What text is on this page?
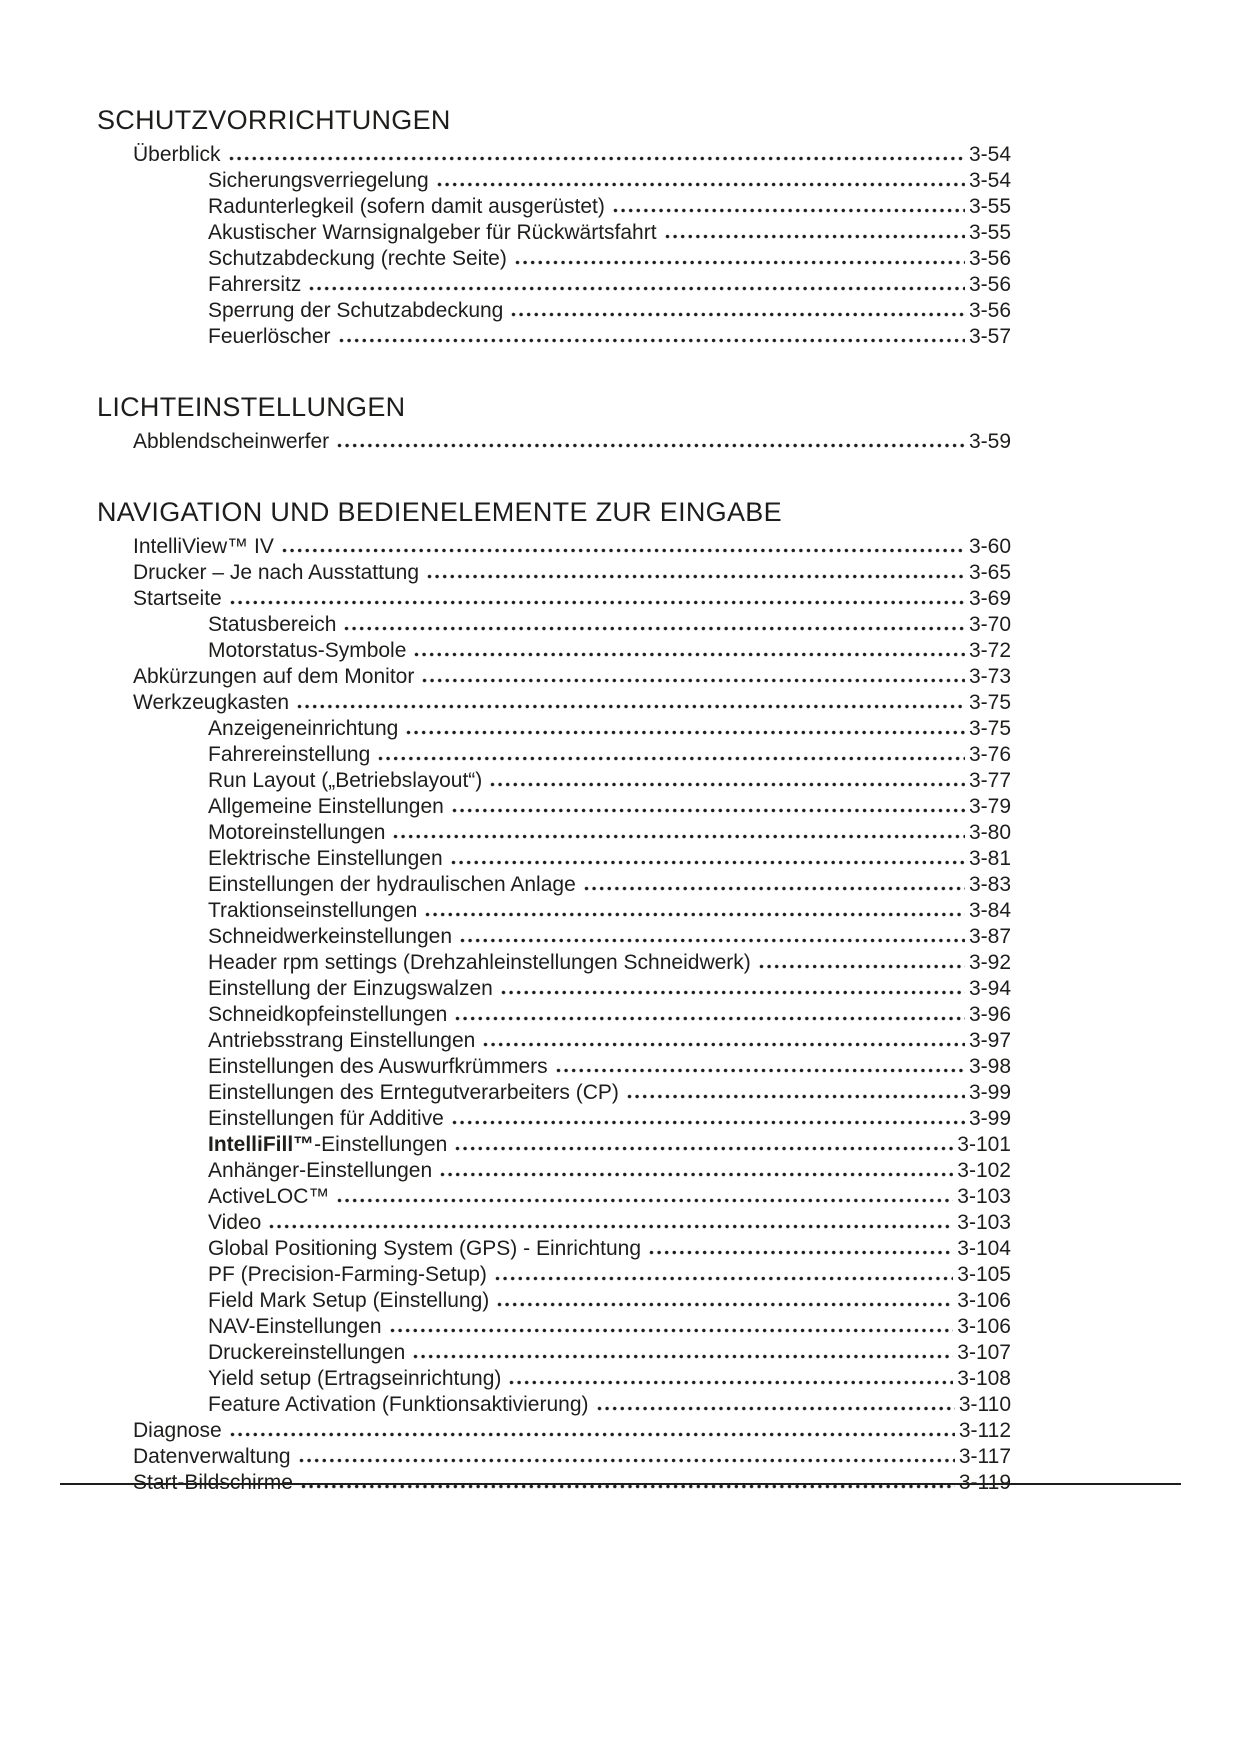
SCHUTZVORRICHTUNGEN
Überblick	3-54
Sicherungsverriegelung	3-54
Radunterlegkeil (sofern damit ausgerüstet)	3-55
Akustischer Warnsignalgeber für Rückwärtsfahrt	3-55
Schutzabdeckung (rechte Seite)	3-56
Fahrersitz	3-56
Sperrung der Schutzabdeckung	3-56
Feuerlöscher	3-57
LICHTEINSTELLUNGEN
Abblendscheinwerfer	3-59
NAVIGATION UND BEDIENELEMENTE ZUR EINGABE
IntelliView™ IV	3-60
Drucker – Je nach Ausstattung	3-65
Startseite	3-69
Statusbereich	3-70
Motorstatus-Symbole	3-72
Abkürzungen auf dem Monitor	3-73
Werkzeugkasten	3-75
Anzeigeneinrichtung	3-75
Fahrereinstellung	3-76
Run Layout („Betriebslayout“)	3-77
Allgemeine Einstellungen	3-79
Motoreinstellungen	3-80
Elektrische Einstellungen	3-81
Einstellungen der hydraulischen Anlage	3-83
Traktionseinstellungen	3-84
Schneidwerkeinstellungen	3-87
Header rpm settings (Drehzahleinstellungen Schneidwerk)	3-92
Einstellung der Einzugswalzen	3-94
Schneidkopfeinstellungen	3-96
Antriebsstrang Einstellungen	3-97
Einstellungen des Auswurfkrümmers	3-98
Einstellungen des Erntegutverarbeiters (CP)	3-99
Einstellungen für Additive	3-99
IntelliFill™-Einstellungen	3-101
Anhänger-Einstellungen	3-102
ActiveLOC™	3-103
Video	3-103
Global Positioning System (GPS) - Einrichtung	3-104
PF (Precision-Farming-Setup)	3-105
Field Mark Setup (Einstellung)	3-106
NAV-Einstellungen	3-106
Druckereinstellungen	3-107
Yield setup (Ertragseinrichtung)	3-108
Feature Activation (Funktionsaktivierung)	3-110
Diagnose	3-112
Datenverwaltung	3-117
Start-Bildschirme	3-119
